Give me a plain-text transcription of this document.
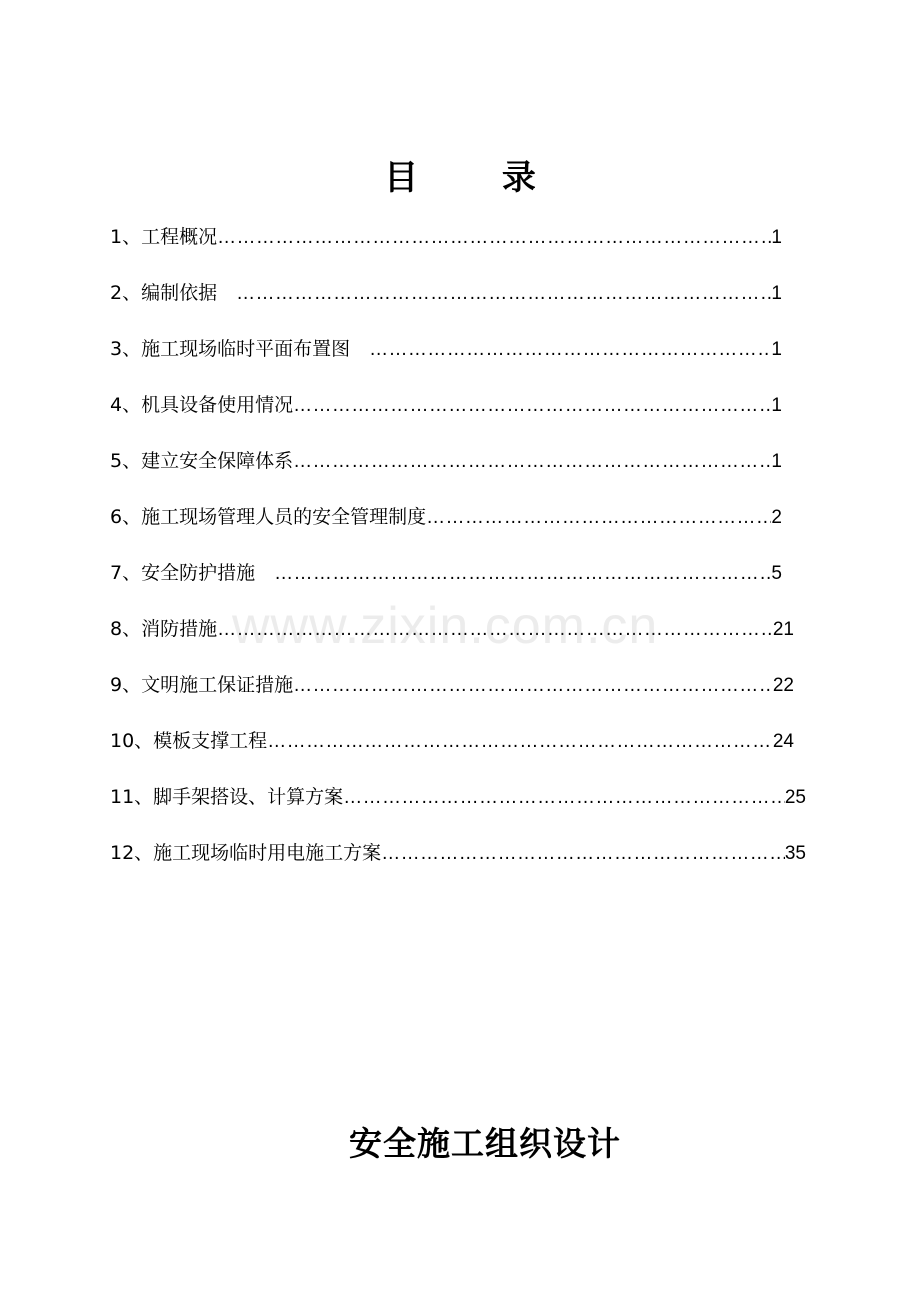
目 录
1、工程概况 …………………………………………………………………………………………………………………………………………………………………	1
2、编制依据　 …………………………………………………………………………………………………………………………………………………………………	1
3、施工现场临时平面布置图　 …………………………………………………………………………………………………………………………………………………………………	1
4、机具设备使用情况 …………………………………………………………………………………………………………………………………………………………………	1
5、建立安全保障体系 …………………………………………………………………………………………………………………………………………………………………	1
6、施工现场管理人员的安全管理制度 …………………………………………………………………………………………………………………………………………………………………	2
7、安全防护措施　 …………………………………………………………………………………………………………………………………………………………………	5
8、消防措施 …………………………………………………………………………………………………………………………………………………………………	21
9、文明施工保证措施 …………………………………………………………………………………………………………………………………………………………………	22
10、模板支撑工程 …………………………………………………………………………………………………………………………………………………………………	24
11、脚手架搭设、计算方案 …………………………………………………………………………………………………………………………………………………………………	25
12、施工现场临时用电施工方案 …………………………………………………………………………………………………………………………………………………………………	35
www.zixin.com.cn
安全施工组织设计
